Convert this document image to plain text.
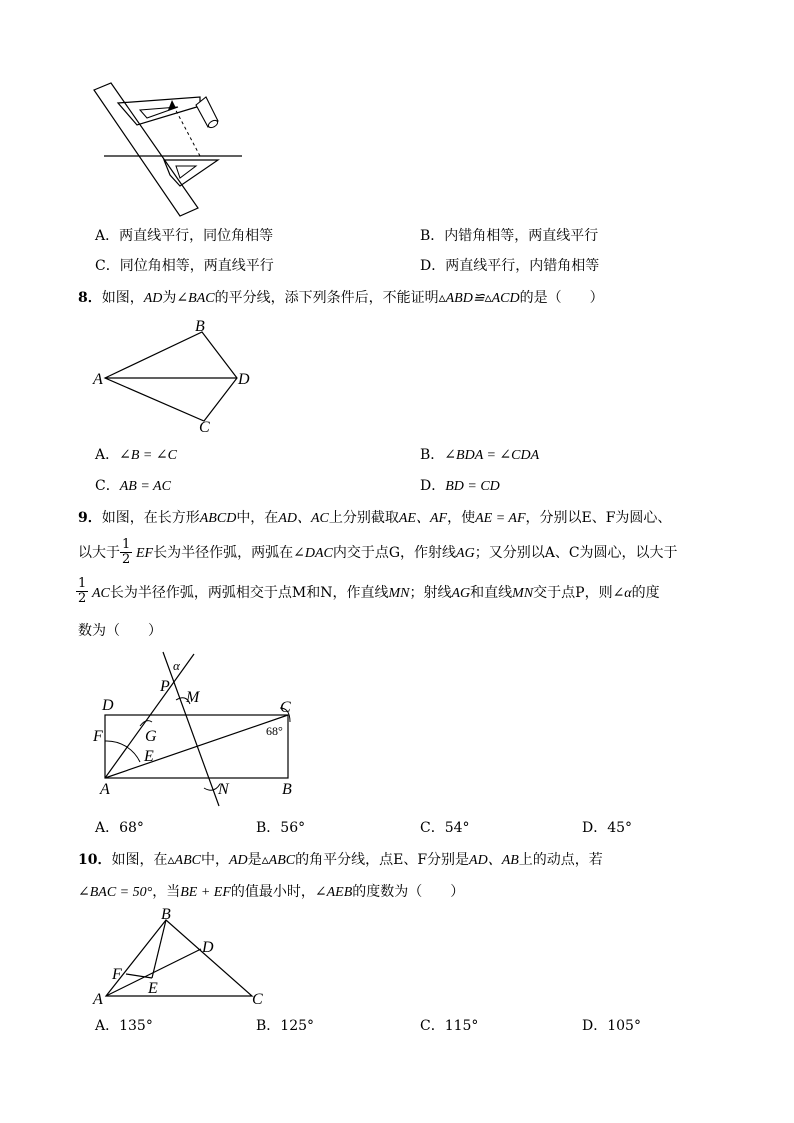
A．两直线平行，同位角相等	B．内错角相等，两直线平行
C．同位角相等，两直线平行	D．两直线平行，内错角相等
8．如图，AD为∠BAC的平分线，添下列条件后，不能证明▵ABD≌▵ACD的是（　　）
B
A	D
C
A．∠B = ∠C	B．∠BDA = ∠CDA
C．AB = AC	D．BD = CD
9．如图，在长方形ABCD中，在AD、AC上分别截取AE、AF，使AE = AF，分别以E、F为圆心、
以大于 EF长为半径作弧，两弧在∠DAC内交于点G，作射线AG；又分别以A、C为圆心，以大于
$\frac{1}{2}$
$\frac{1}{2}$ AC长为半径作弧，两弧相交于点M和N，作直线MN；射线AG和直线MN交于点P，则∠α的度
数为（　　）
α
P
M
D	C
68°
F	G
E
A	N	B
A．68°	B．56°	C．54°	D．45°
10．如图，在▵ABC中，AD是▵ABC的角平分线，点E、F分别是AD、AB上的动点，若
∠BAC = 50°，当BE + EF的值最小时，∠AEB的度数为（　　）
B
D
F
E
A	C
A．135°	B．125°	C．115°	D．105°
